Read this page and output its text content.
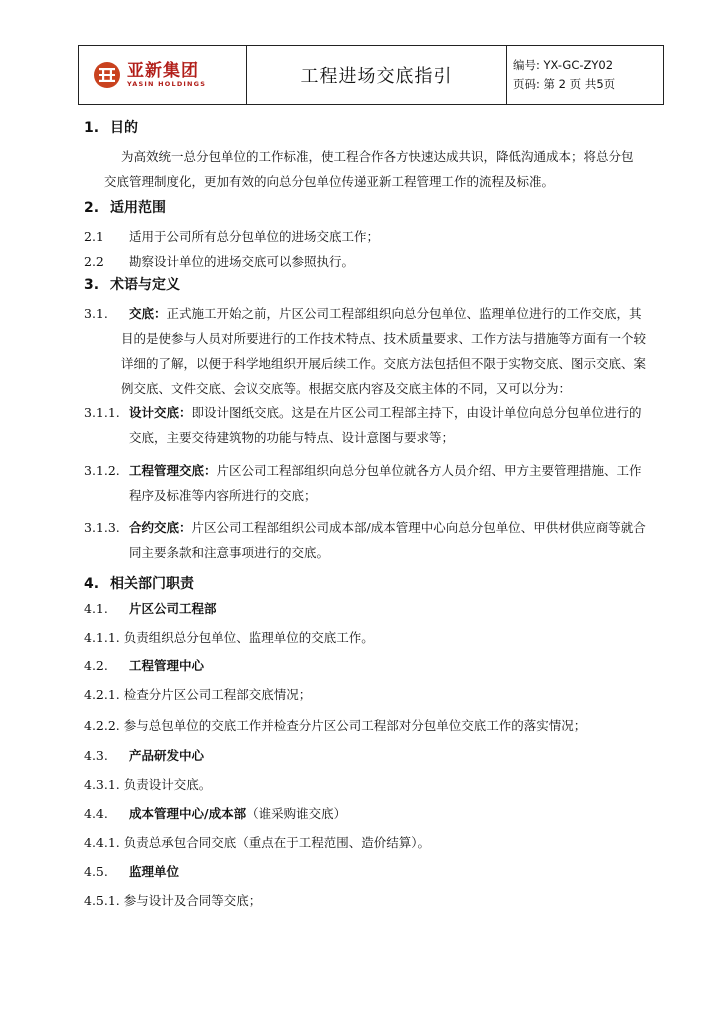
亚新集团
YASIN HOLDINGS	工程进场交底指引
编号: YX-GC-ZY02
页码: 第 2 页 共5页

1. 目的

为高效统一总分包单位的工作标准，使工程合作各方快速达成共识，降低沟通成本；将总分包

交底管理制度化，更加有效的向总分包单位传递亚新工程管理工作的流程及标准。

2. 适用范围

2.1	适用于公司所有总分包单位的进场交底工作；
2.2	勘察设计单位的进场交底可以参照执行。

3. 术语与定义

3.1.	交底： 正式施工开始之前，片区公司工程部组织向总分包单位、监理单位进行的工作交底，其

目的是使参与人员对所要进行的工作技术特点、技术质量要求、工作方法与措施等方面有一个较

详细的了解，以便于科学地组织开展后续工作。交底方法包括但不限于实物交底、图示交底、案

例交底、文件交底、会议交底等。根据交底内容及交底主体的不同，又可以分为：

3.1.1. 设计交底： 即设计图纸交底。这是在片区公司工程部主持下，由设计单位向总分包单位进行的

交底，主要交待建筑物的功能与特点、设计意图与要求等；

3.1.2. 工程管理交底： 片区公司工程部组织向总分包单位就各方人员介绍、甲方主要管理措施、工作

程序及标准等内容所进行的交底；

3.1.3. 合约交底： 片区公司工程部组织公司成本部/成本管理中心向总分包单位、甲供材供应商等就合

同主要条款和注意事项进行的交底。

4. 相关部门职责

4.1.	片区公司工程部
4.1.1. 负责组织总分包单位、监理单位的交底工作。
4.2.	工程管理中心
4.2.1. 检查分片区公司工程部交底情况；
4.2.2. 参与总包单位的交底工作并检查分片区公司工程部对分包单位交底工作的落实情况；
4.3.	产品研发中心
4.3.1. 负责设计交底。
4.4.	成本管理中心/成本部 （谁采购谁交底）
4.4.1. 负责总承包合同交底（重点在于工程范围、造价结算）。
4.5.	监理单位
4.5.1. 参与设计及合同等交底；
